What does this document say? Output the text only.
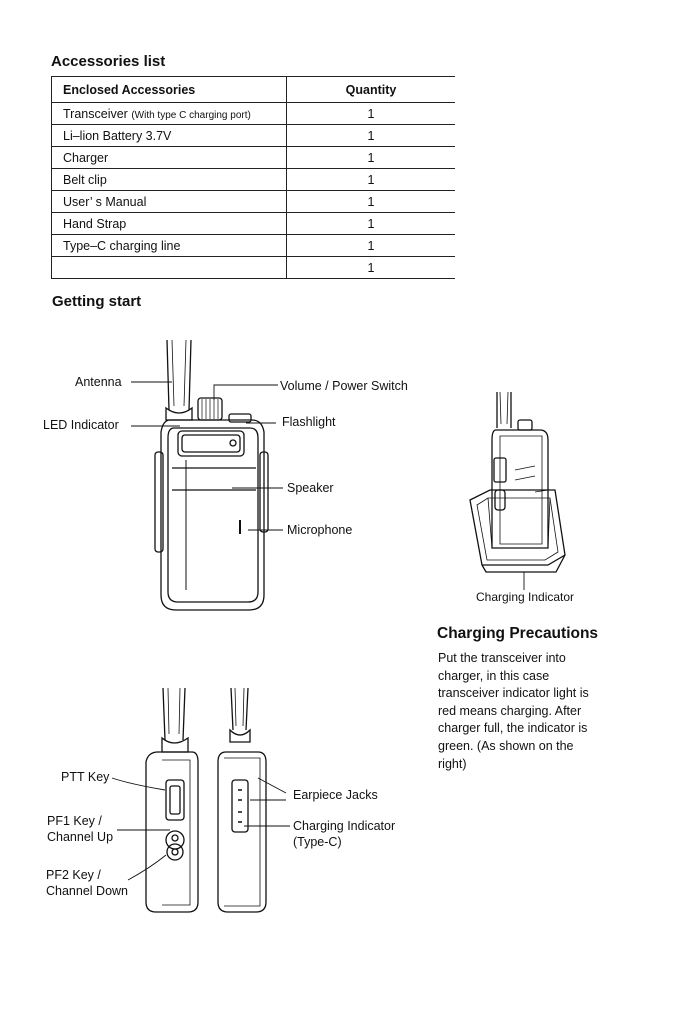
Accessories list
Enclosed Accessories	Quantity
Transceiver (With type C charging port)	1
Li–lion Battery 3.7V	1
Charger	1
Belt clip	1
User’ s Manual	1
Hand Strap	1
Type–C charging line	1
	1
Getting start
Antenna	Volume / Power Switch
LED Indicator	Flashlight
Speaker
Microphone
Charging Indicator
Charging Precautions
Put the transceiver into charger, in this case transceiver indicator light is red means charging. After charger full, the indicator is green. (As shown on the right)
PTT Key
PF1 Key /
Channel Up
PF2 Key /
Channel Down
Earpiece Jacks
Charging Indicator
(Type-C)
